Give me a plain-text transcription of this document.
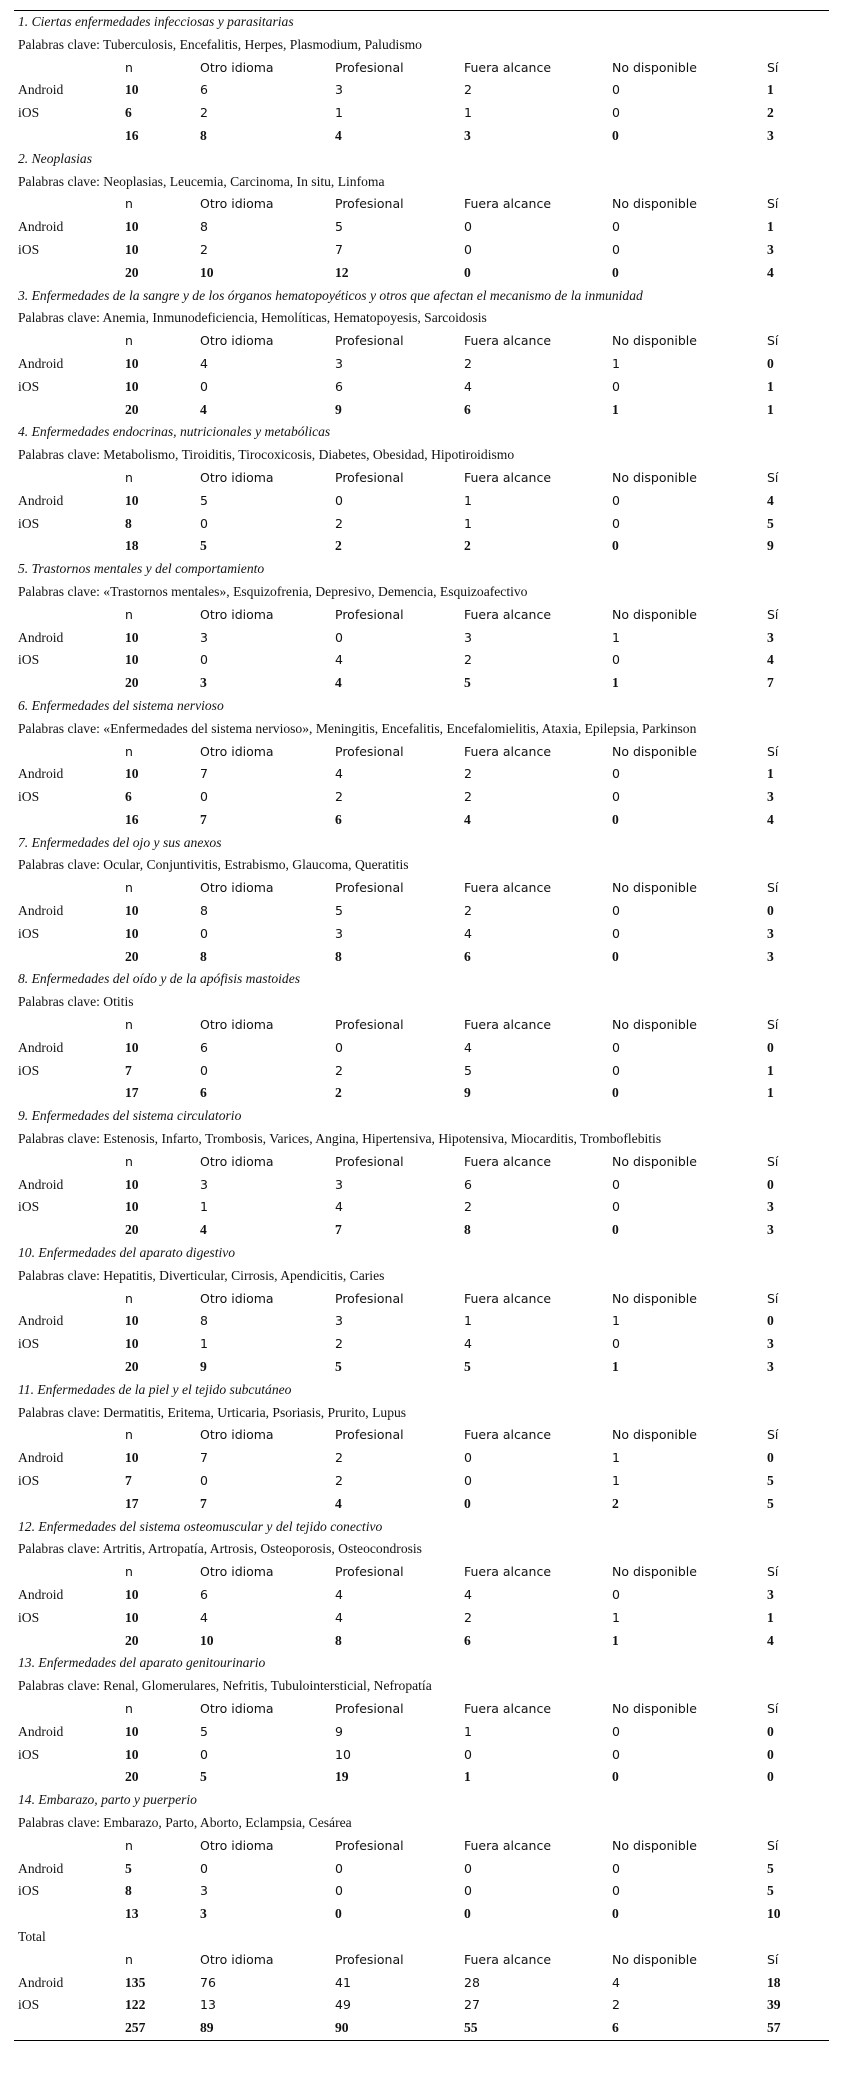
1. Ciertas enfermedades infecciosas y parasitarias						
Palabras clave: Tuberculosis, Encefalitis, Herpes, Plasmodium, Paludismo						
	n	Otro idioma	Profesional	Fuera alcance	No disponible	Sí
Android	10	6	3	2	0	1
iOS	6	2	1	1	0	2
	16	8	4	3	0	3
2. Neoplasias						
Palabras clave: Neoplasias, Leucemia, Carcinoma, In situ, Linfoma						
	n	Otro idioma	Profesional	Fuera alcance	No disponible	Sí
Android	10	8	5	0	0	1
iOS	10	2	7	0	0	3
	20	10	12	0	0	4
3. Enfermedades de la sangre y de los órganos hematopoyéticos y otros que afectan el mecanismo de la inmunidad						
Palabras clave: Anemia, Inmunodeficiencia, Hemolíticas, Hematopoyesis, Sarcoidosis						
	n	Otro idioma	Profesional	Fuera alcance	No disponible	Sí
Android	10	4	3	2	1	0
iOS	10	0	6	4	0	1
	20	4	9	6	1	1
4. Enfermedades endocrinas, nutricionales y metabólicas						
Palabras clave: Metabolismo, Tiroiditis, Tirocoxicosis, Diabetes, Obesidad, Hipotiroidismo						
	n	Otro idioma	Profesional	Fuera alcance	No disponible	Sí
Android	10	5	0	1	0	4
iOS	8	0	2	1	0	5
	18	5	2	2	0	9
5. Trastornos mentales y del comportamiento						
Palabras clave: «Trastornos mentales», Esquizofrenia, Depresivo, Demencia, Esquizoafectivo						
	n	Otro idioma	Profesional	Fuera alcance	No disponible	Sí
Android	10	3	0	3	1	3
iOS	10	0	4	2	0	4
	20	3	4	5	1	7
6. Enfermedades del sistema nervioso						
Palabras clave: «Enfermedades del sistema nervioso», Meningitis, Encefalitis, Encefalomielitis, Ataxia, Epilepsia, Parkinson						
	n	Otro idioma	Profesional	Fuera alcance	No disponible	Sí
Android	10	7	4	2	0	1
iOS	6	0	2	2	0	3
	16	7	6	4	0	4
7. Enfermedades del ojo y sus anexos						
Palabras clave: Ocular, Conjuntivitis, Estrabismo, Glaucoma, Queratitis						
	n	Otro idioma	Profesional	Fuera alcance	No disponible	Sí
Android	10	8	5	2	0	0
iOS	10	0	3	4	0	3
	20	8	8	6	0	3
8. Enfermedades del oído y de la apófisis mastoides						
Palabras clave: Otitis						
	n	Otro idioma	Profesional	Fuera alcance	No disponible	Sí
Android	10	6	0	4	0	0
iOS	7	0	2	5	0	1
	17	6	2	9	0	1
9. Enfermedades del sistema circulatorio						
Palabras clave: Estenosis, Infarto, Trombosis, Varices, Angina, Hipertensiva, Hipotensiva, Miocarditis, Tromboflebitis						
	n	Otro idioma	Profesional	Fuera alcance	No disponible	Sí
Android	10	3	3	6	0	0
iOS	10	1	4	2	0	3
	20	4	7	8	0	3
10. Enfermedades del aparato digestivo						
Palabras clave: Hepatitis, Diverticular, Cirrosis, Apendicitis, Caries						
	n	Otro idioma	Profesional	Fuera alcance	No disponible	Sí
Android	10	8	3	1	1	0
iOS	10	1	2	4	0	3
	20	9	5	5	1	3
11. Enfermedades de la piel y el tejido subcutáneo						
Palabras clave: Dermatitis, Eritema, Urticaria, Psoriasis, Prurito, Lupus						
	n	Otro idioma	Profesional	Fuera alcance	No disponible	Sí
Android	10	7	2	0	1	0
iOS	7	0	2	0	1	5
	17	7	4	0	2	5
12. Enfermedades del sistema osteomuscular y del tejido conectivo						
Palabras clave: Artritis, Artropatía, Artrosis, Osteoporosis, Osteocondrosis						
	n	Otro idioma	Profesional	Fuera alcance	No disponible	Sí
Android	10	6	4	4	0	3
iOS	10	4	4	2	1	1
	20	10	8	6	1	4
13. Enfermedades del aparato genitourinario						
Palabras clave: Renal, Glomerulares, Nefritis, Tubulointersticial, Nefropatía						
	n	Otro idioma	Profesional	Fuera alcance	No disponible	Sí
Android	10	5	9	1	0	0
iOS	10	0	10	0	0	0
	20	5	19	1	0	0
14. Embarazo, parto y puerperio						
Palabras clave: Embarazo, Parto, Aborto, Eclampsia, Cesárea						
	n	Otro idioma	Profesional	Fuera alcance	No disponible	Sí
Android	5	0	0	0	0	5
iOS	8	3	0	0	0	5
	13	3	0	0	0	10
Total						
	n	Otro idioma	Profesional	Fuera alcance	No disponible	Sí
Android	135	76	41	28	4	18
iOS	122	13	49	27	2	39
	257	89	90	55	6	57
